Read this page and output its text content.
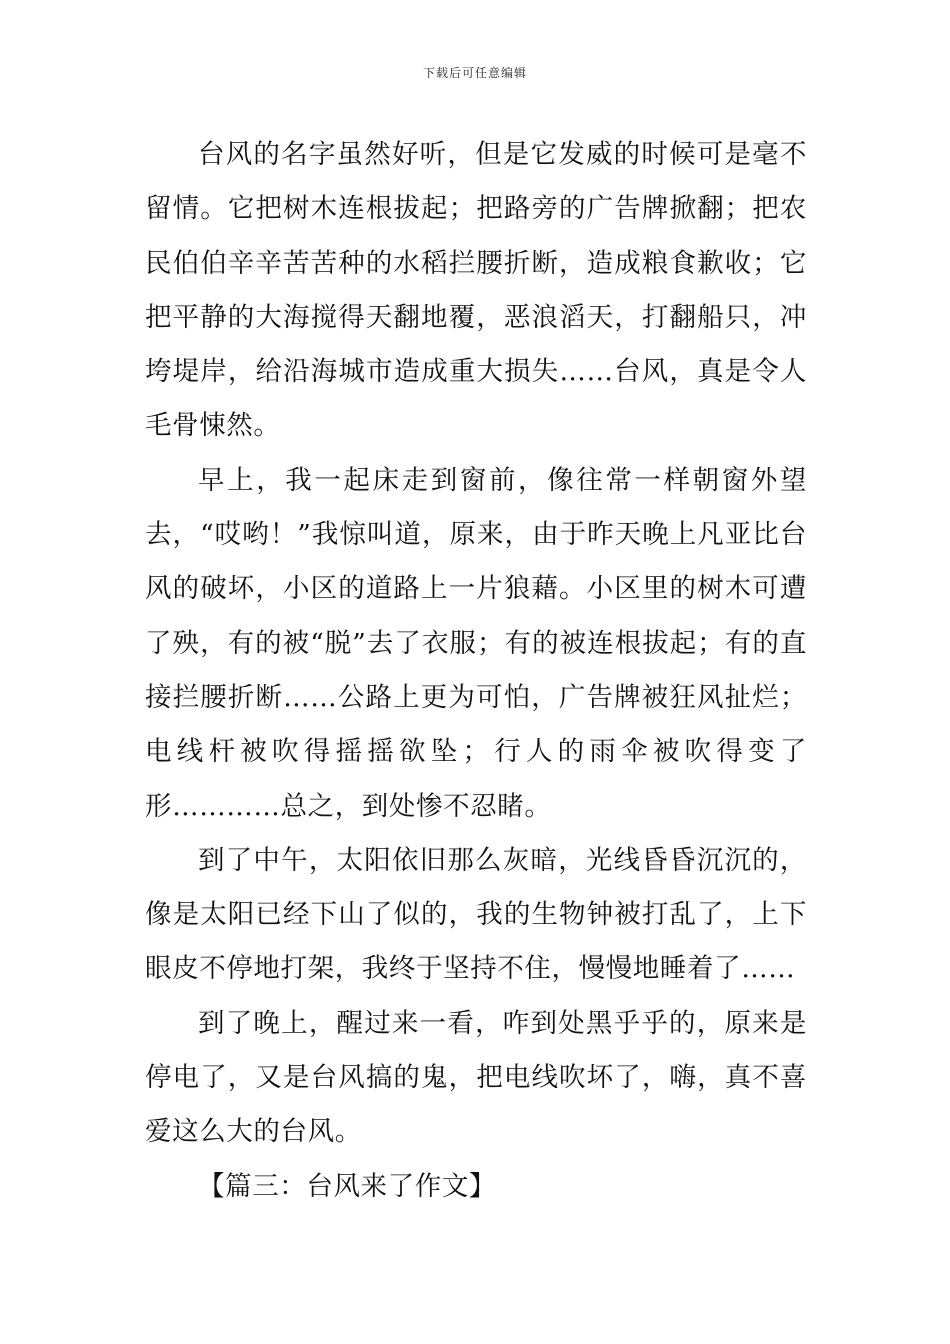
下载后可任意编辑

台风的名字虽然好听，但是它发威的时候可是毫不留情。它把树木连根拔起；把路旁的广告牌掀翻；把农民伯伯辛辛苦苦种的水稻拦腰折断，造成粮食歉收；它把平静的大海搅得天翻地覆，恶浪滔天，打翻船只，冲垮堤岸，给沿海城市造成重大损失……台风，真是令人毛骨悚然。

早上，我一起床走到窗前，像往常一样朝窗外望去，“哎哟！”我惊叫道，原来，由于昨天晚上凡亚比台风的破坏，小区的道路上一片狼藉。小区里的树木可遭了殃，有的被“脱”去了衣服；有的被连根拔起；有的直接拦腰折断……公路上更为可怕，广告牌被狂风扯烂；电线杆被吹得摇摇欲坠；行人的雨伞被吹得变了形…………总之，到处惨不忍睹。

到了中午，太阳依旧那么灰暗，光线昏昏沉沉的，像是太阳已经下山了似的，我的生物钟被打乱了，上下眼皮不停地打架，我终于坚持不住，慢慢地睡着了……

到了晚上，醒过来一看，咋到处黑乎乎的，原来是停电了，又是台风搞的鬼，把电线吹坏了，嗨，真不喜爱这么大的台风。

【篇三：台风来了作文】
